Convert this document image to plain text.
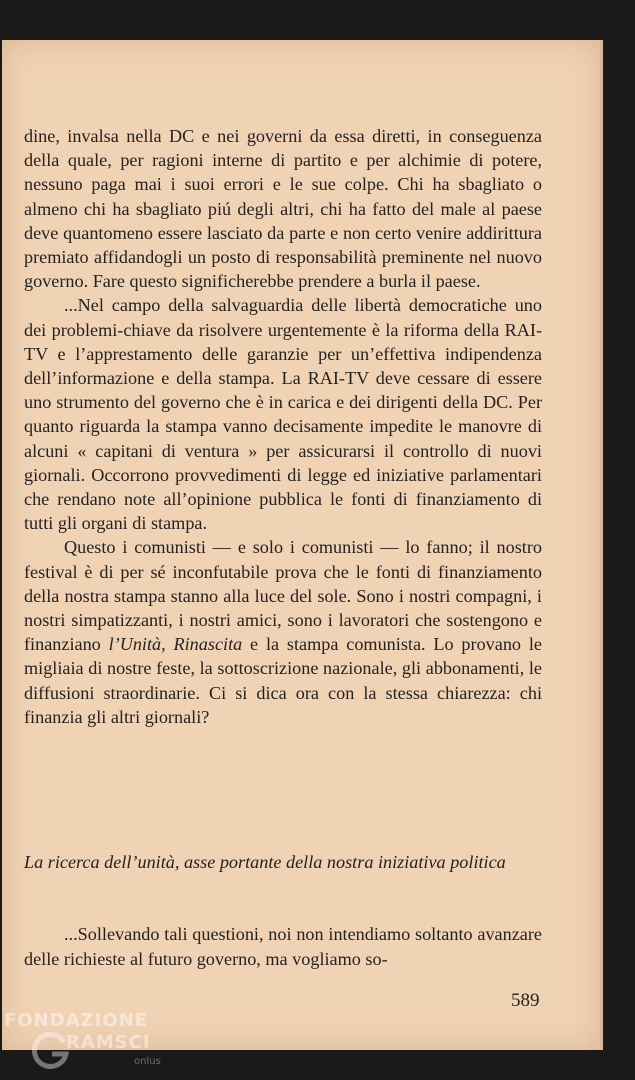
dine, invalsa nella DC e nei governi da essa diretti, in conseguenza della quale, per ragioni interne di partito e per alchimie di potere, nessuno paga mai i suoi errori e le sue colpe. Chi ha sbagliato o almeno chi ha sbagliato piú degli altri, chi ha fatto del male al paese deve quantomeno essere lasciato da parte e non certo venire addirittura premiato affidandogli un posto di responsabilità preminente nel nuovo governo. Fare questo significherebbe prendere a burla il paese.

...Nel campo della salvaguardia delle libertà democratiche uno dei problemi-chiave da risolvere urgentemente è la riforma della RAI-TV e l’apprestamento delle garanzie per un’effettiva indipendenza dell’informazione e della stampa. La RAI-TV deve cessare di essere uno strumento del governo che è in carica e dei dirigenti della DC. Per quanto riguarda la stampa vanno decisamente impedite le manovre di alcuni « capitani di ventura » per assicurarsi il controllo di nuovi giornali. Occorrono provvedimenti di legge ed iniziative parlamentari che rendano note all’opinione pubblica le fonti di finanziamento di tutti gli organi di stampa.

Questo i comunisti — e solo i comunisti — lo fanno; il nostro festival è di per sé inconfutabile prova che le fonti di finanziamento della nostra stampa stanno alla luce del sole. Sono i nostri compagni, i nostri simpatizzanti, i nostri amici, sono i lavoratori che sostengono e finanziano l’Unità, Rinascita e la stampa comunista. Lo provano le migliaia di nostre feste, la sottoscrizione nazionale, gli abbonamenti, le diffusioni straordinarie. Ci si dica ora con la stessa chiarezza: chi finanzia gli altri giornali?

La ricerca dell’unità, asse portante della nostra iniziativa politica

...Sollevando tali questioni, noi non intendiamo soltanto avanzare delle richieste al futuro governo, ma vogliamo so-

589
FONDAZIONE
RAMSCI
onlus
